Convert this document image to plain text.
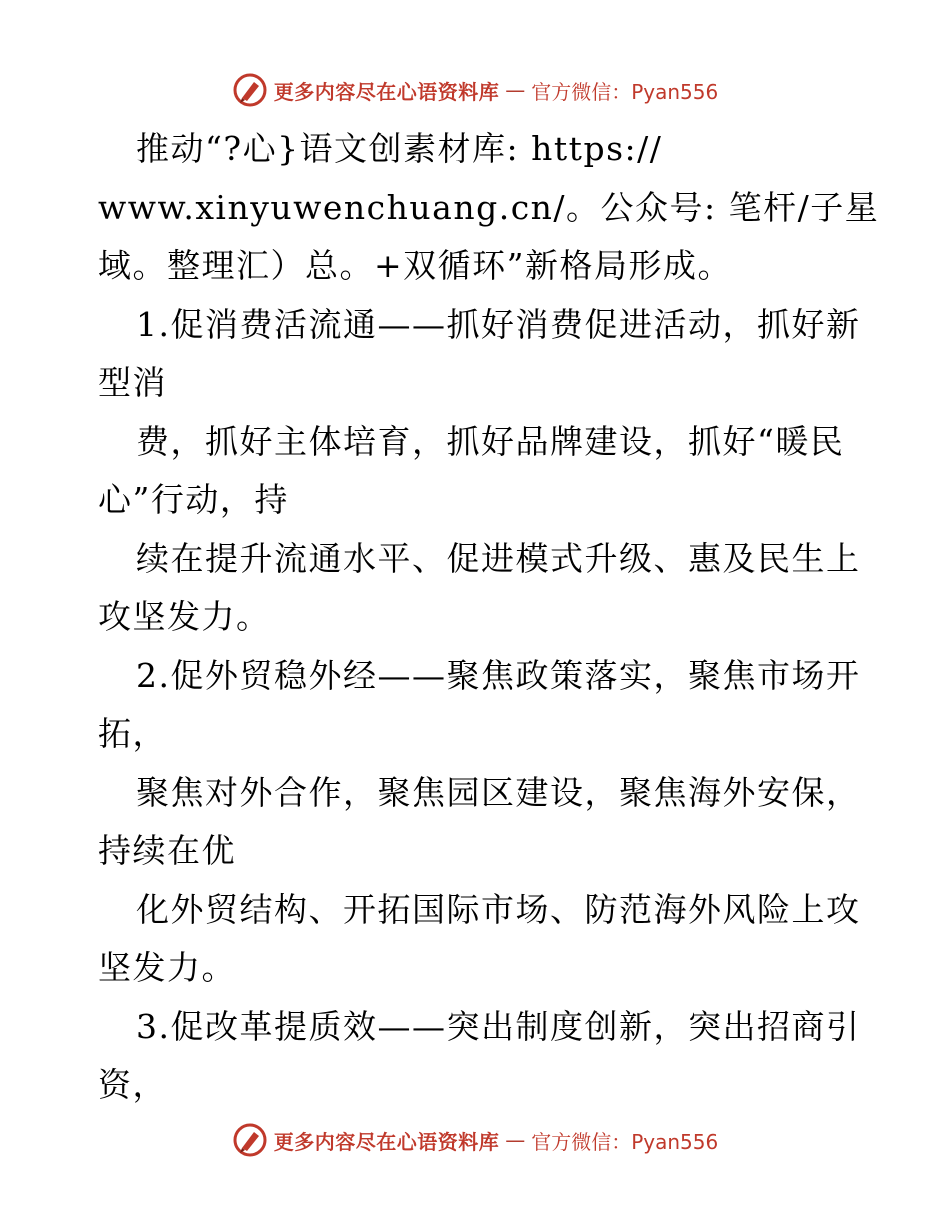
更多内容尽在心语资料库 — 官方微信：Pyan556
推动“?心}语文创素材库: https://
www.xinyuwenchuang.cn/。公众号: 笔杆/子星
域。整理汇）总。+双循环”新格局形成。
1.促消费活流通——抓好消费促进活动，抓好新
型消
费，抓好主体培育，抓好品牌建设，抓好“暖民
心”行动，持
续在提升流通水平、促进模式升级、惠及民生上
攻坚发力。
2.促外贸稳外经——聚焦政策落实，聚焦市场开
拓，
聚焦对外合作，聚焦园区建设，聚焦海外安保，
持续在优
化外贸结构、开拓国际市场、防范海外风险上攻
坚发力。
3.促改革提质效——突出制度创新，突出招商引
资，
更多内容尽在心语资料库 — 官方微信：Pyan556
